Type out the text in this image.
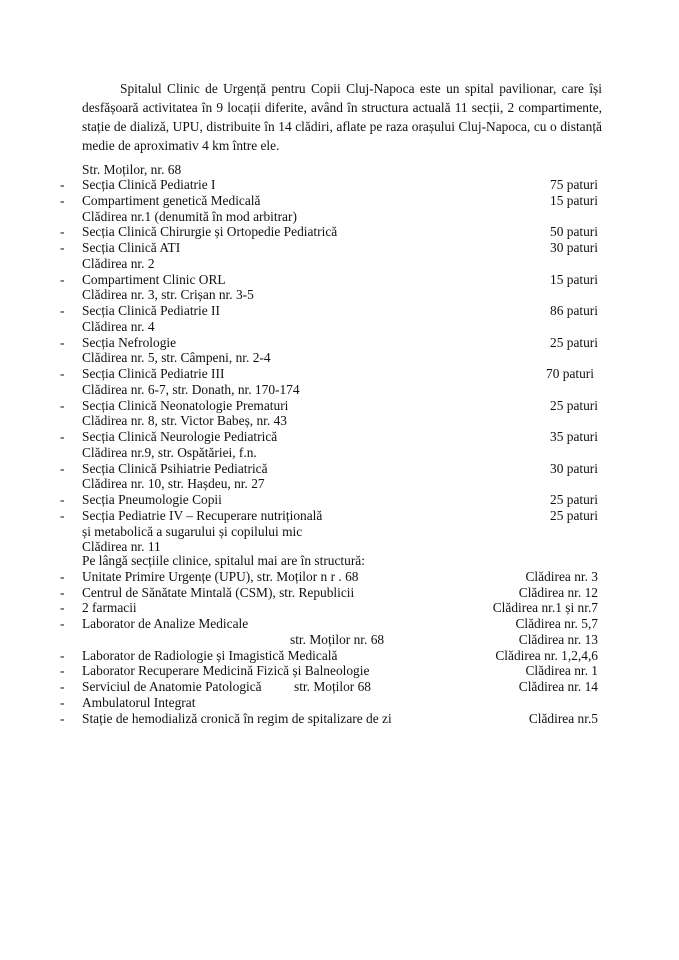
Spitalul Clinic de Urgență pentru Copii Cluj-Napoca este un spital pavilionar, care își desfășoară activitatea în 9 locații diferite, având în structura actuală 11 secții, 2 compartimente, stație de dializă, UPU, distribuite în 14 clădiri, aflate pe raza orașului Cluj-Napoca, cu o distanță medie de aproximativ 4 km între ele.

Str. Moților, nr. 68
- Secția Clinică Pediatrie I	75 paturi
- Compartiment genetică Medicală	15 paturi
Clădirea nr.1 (denumită în mod arbitrar)
- Secția Clinică Chirurgie și Ortopedie Pediatrică	50 paturi
- Secția Clinică ATI	30 paturi
Clădirea nr. 2
- Compartiment Clinic ORL	15 paturi
Clădirea nr. 3, str. Crișan nr. 3-5
- Secția Clinică Pediatrie II	86 paturi
Clădirea nr. 4
- Secția Nefrologie	25 paturi
Clădirea nr. 5, str. Câmpeni, nr. 2-4
- Secția Clinică Pediatrie III	70 paturi
Clădirea nr. 6-7, str. Donath, nr. 170-174
- Secția Clinică Neonatologie Prematuri	25 paturi
Clădirea nr. 8, str. Victor Babeș, nr. 43
- Secția Clinică Neurologie Pediatrică	35 paturi
Clădirea nr.9, str. Ospătăriei, f.n.
- Secția Clinică Psihiatrie Pediatrică	30 paturi
Clădirea nr. 10, str. Hașdeu, nr. 27
- Secția Pneumologie Copii	25 paturi
- Secția Pediatrie IV – Recuperare nutrițională	25 paturi
și metabolică a sugarului și copilului mic
Clădirea nr. 11
Pe lângă secțiile clinice, spitalul mai are în structură:
- Unitate Primire Urgențe (UPU), str. Moților n r . 68	Clădirea nr. 3
- Centrul de Sănătate Mintală (CSM), str. Republicii	Clădirea nr. 12
- 2 farmacii	Clădirea nr.1 și nr.7
- Laborator de Analize Medicale	Clădirea nr. 5,7
str. Moților nr. 68	Clădirea nr. 13
- Laborator de Radiologie și Imagistică Medicală	Clădirea nr. 1,2,4,6
- Laborator Recuperare Medicină Fizică și Balneologie	Clădirea nr. 1
- Serviciul de Anatomie Patologică str. Moților 68	Clădirea nr. 14
- Ambulatorul Integrat
- Stație de hemodializă cronică în regim de spitalizare de zi	Clădirea nr.5
